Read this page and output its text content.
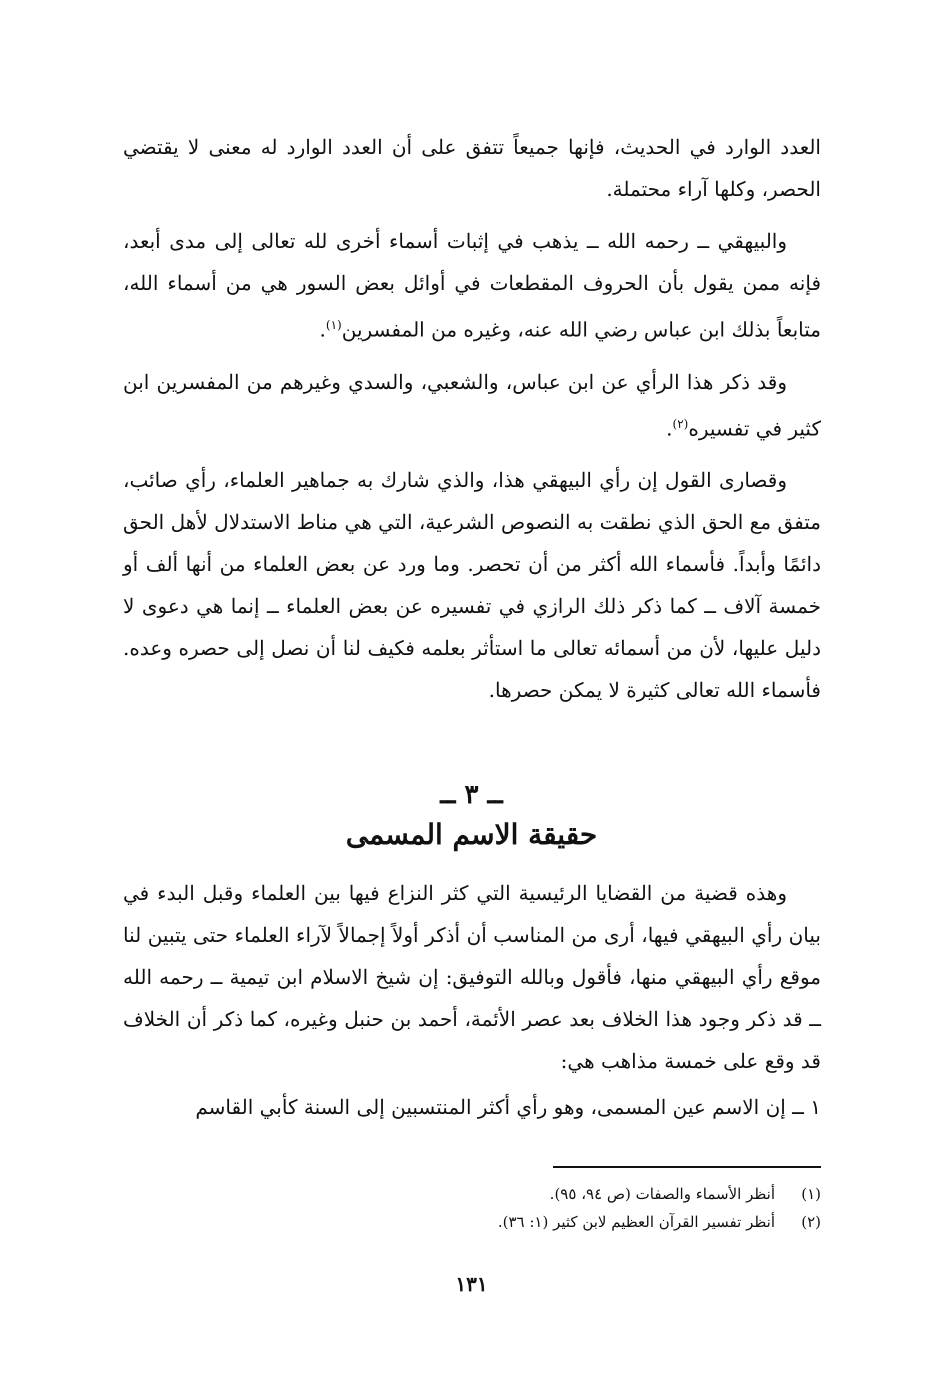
العدد الوارد في الحديث، فإنها جميعاً تتفق على أن العدد الوارد له معنى لا يقتضي الحصر، وكلها آراء محتملة.

والبيهقي ــ رحمه الله ــ يذهب في إثبات أسماء أخرى لله تعالى إلى مدى أبعد، فإنه ممن يقول بأن الحروف المقطعات في أوائل بعض السور هي من أسماء الله، متابعاً بذلك ابن عباس رضي الله عنه، وغيره من المفسرين$^{(١)}$.

وقد ذكر هذا الرأي عن ابن عباس، والشعبي، والسدي وغيرهم من المفسرين ابن كثير في تفسيره$^{(٢)}$.

وقصارى القول إن رأي البيهقي هذا، والذي شارك به جماهير العلماء، رأي صائب، متفق مع الحق الذي نطقت به النصوص الشرعية، التي هي مناط الاستدلال لأهل الحق دائمًا وأبداً. فأسماء الله أكثر من أن تحصر. وما ورد عن بعض العلماء من أنها ألف أو خمسة آلاف ــ كما ذكر ذلك الرازي في تفسيره عن بعض العلماء ــ إنما هي دعوى لا دليل عليها، لأن من أسمائه تعالى ما استأثر بعلمه فكيف لنا أن نصل إلى حصره وعده. فأسماء الله تعالى كثيرة لا يمكن حصرها.

ــ ٣ ــ
حقيقة الاسم المسمى

وهذه قضية من القضايا الرئيسية التي كثر النزاع فيها بين العلماء وقبل البدء في بيان رأي البيهقي فيها، أرى من المناسب أن أذكر أولاً إجمالاً لآراء العلماء حتى يتبين لنا موقع رأي البيهقي منها، فأقول وبالله التوفيق: إن شيخ الاسلام ابن تيمية ــ رحمه الله ــ قد ذكر وجود هذا الخلاف بعد عصر الأئمة، أحمد بن حنبل وغيره، كما ذكر أن الخلاف قد وقع على خمسة مذاهب هي:

١ ــ إن الاسم عين المسمى، وهو رأي أكثر المنتسبين إلى السنة كأبي القاسم

(١)أنظر الأسماء والصفات (ص ٩٤، ٩٥).
(٢)أنظر تفسير القرآن العظيم لابن كثير (١: ٣٦).
١٣١
